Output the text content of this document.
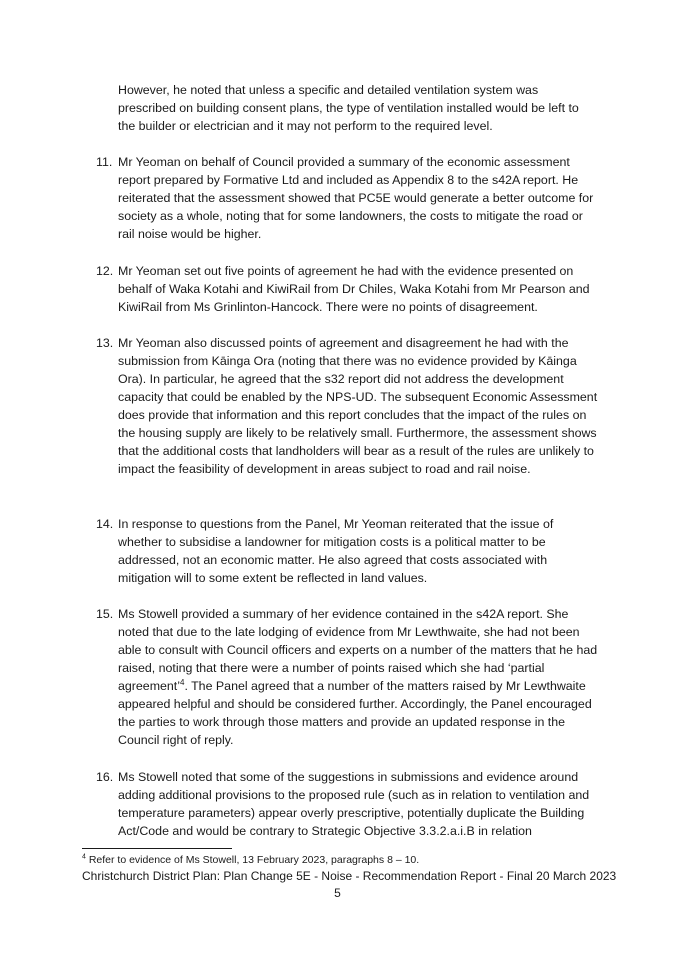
However, he noted that unless a specific and detailed ventilation system was prescribed on building consent plans, the type of ventilation installed would be left to the builder or electrician and it may not perform to the required level.

11. Mr Yeoman on behalf of Council provided a summary of the economic assessment report prepared by Formative Ltd and included as Appendix 8 to the s42A report. He reiterated that the assessment showed that PC5E would generate a better outcome for society as a whole, noting that for some landowners, the costs to mitigate the road or rail noise would be higher.
12. Mr Yeoman set out five points of agreement he had with the evidence presented on behalf of Waka Kotahi and KiwiRail from Dr Chiles, Waka Kotahi from Mr Pearson and KiwiRail from Ms Grinlinton-Hancock. There were no points of disagreement.
13. Mr Yeoman also discussed points of agreement and disagreement he had with the submission from Kāinga Ora (noting that there was no evidence provided by Kāinga Ora). In particular, he agreed that the s32 report did not address the development capacity that could be enabled by the NPS-UD. The subsequent Economic Assessment does provide that information and this report concludes that the impact of the rules on the housing supply are likely to be relatively small. Furthermore, the assessment shows that the additional costs that landholders will bear as a result of the rules are unlikely to impact the feasibility of development in areas subject to road and rail noise.
14. In response to questions from the Panel, Mr Yeoman reiterated that the issue of whether to subsidise a landowner for mitigation costs is a political matter to be addressed, not an economic matter. He also agreed that costs associated with mitigation will to some extent be reflected in land values.
15. Ms Stowell provided a summary of her evidence contained in the s42A report. She noted that due to the late lodging of evidence from Mr Lewthwaite, she had not been able to consult with Council officers and experts on a number of the matters that he had raised, noting that there were a number of points raised which she had ‘partial agreement’$^4$. The Panel agreed that a number of the matters raised by Mr Lewthwaite appeared helpful and should be considered further. Accordingly, the Panel encouraged the parties to work through those matters and provide an updated response in the Council right of reply.
16. Ms Stowell noted that some of the suggestions in submissions and evidence around adding additional provisions to the proposed rule (such as in relation to ventilation and temperature parameters) appear overly prescriptive, potentially duplicate the Building Act/Code and would be contrary to Strategic Objective 3.3.2.a.i.B in relation
$^4$ Refer to evidence of Ms Stowell, 13 February 2023, paragraphs 8 – 10.
Christchurch District Plan: Plan Change 5E - Noise - Recommendation Report - Final 20 March 2023
5
